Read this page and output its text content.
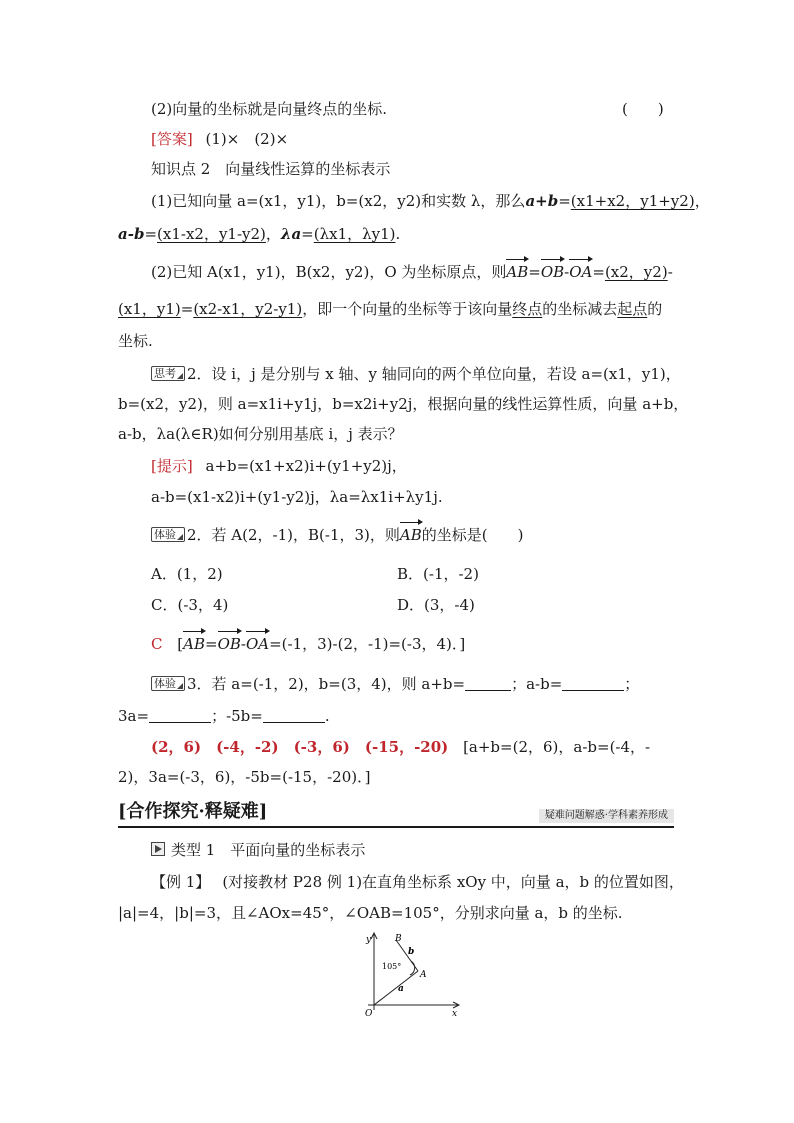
(2)向量的坐标就是向量终点的坐标.	(　　)
[答案] (1)×　(2)×
知识点 2　向量线性运算的坐标表示
(1)已知向量 a=(x1，y1)，b=(x2，y2)和实数 λ，那么a+b=(x1+x2，y1+y2)，
a-b=(x1-x2，y1-y2)，λa=(λx1，λy1).
(2)已知 A(x1，y1)，B(x2，y2)，O 为坐标原点，则AB=OB-OA=(x2，y2)-
(x1，y1)=(x2-x1，y2-y1)，即一个向量的坐标等于该向量终点的坐标减去起点的
坐标.
思考 2．设 i，j 是分别与 x 轴、y 轴同向的两个单位向量，若设 a=(x1，y1)，
b=(x2，y2)，则 a=x1i+y1j，b=x2i+y2j，根据向量的线性运算性质，向量 a+b，
a-b，λa(λ∈R)如何分别用基底 i，j 表示？
[提示] a+b=(x1+x2)i+(y1+y2)j，
a-b=(x1-x2)i+(y1-y2)j，λa=λx1i+λy1j.
体验 2．若 A(2，-1)，B(-1，3)，则AB的坐标是(　　)
A．(1，2)	B．(-1，-2)
C．(-3，4)	D．(3，-4)
C [AB=OB-OA=(-1，3)-(2，-1)=(-3，4)．]
体验 3．若 a=(-1，2)，b=(3，4)，则 a+b=	；a-b=	；
3a=	；-5b=	.
(2，6)　(-4，-2)　(-3，6)　(-15，-20) [a+b=(2，6)，a-b=(-4，-
2)，3a=(-3，6)，-5b=(-15，-20)．]
[合作探究·释疑难]	疑难问题解惑·学科素养形成
类型 1　平面向量的坐标表示
【例 1】 (对接教材 P28 例 1)在直角坐标系 xOy 中，向量 a，b 的位置如图，
|a|=4，|b|=3，且∠AOx=45°，∠OAB=105°，分别求向量 a，b 的坐标.
y
x
O
A
B
a
b
105°
